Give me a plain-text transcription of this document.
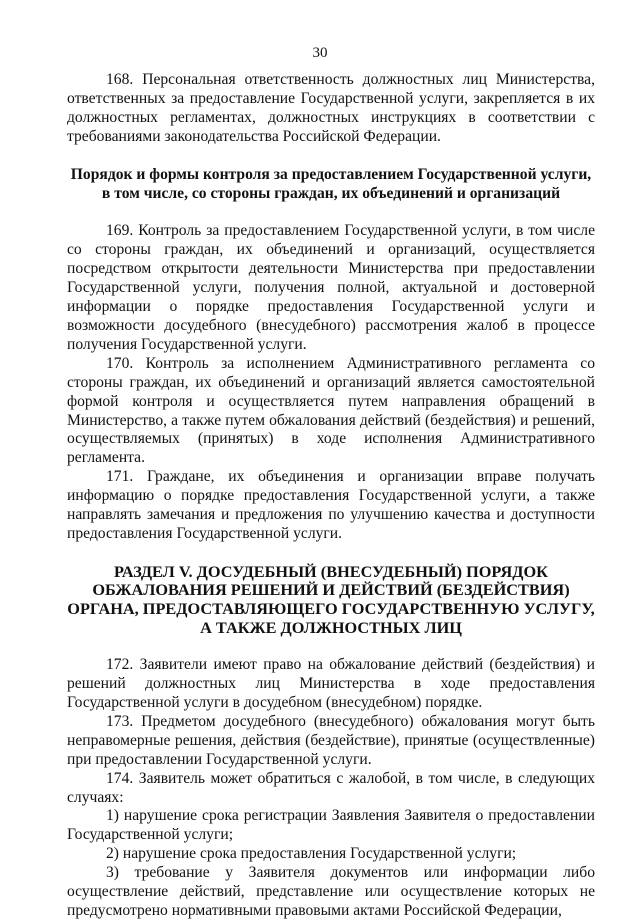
30

168. Персональная ответственность должностных лиц Министерства, ответственных за предоставление Государственной услуги, закрепляется в их должностных регламентах, должностных инструкциях в соответствии с требованиями законодательства Российской Федерации.

Порядок и формы контроля за предоставлением Государственной услуги, в том числе, со стороны граждан, их объединений и организаций

169. Контроль за предоставлением Государственной услуги, в том числе со стороны граждан, их объединений и организаций, осуществляется посредством открытости деятельности Министерства при предоставлении Государственной услуги, получения полной, актуальной и достоверной информации о порядке предоставления Государственной услуги и возможности досудебного (внесудебного) рассмотрения жалоб в процессе получения Государственной услуги.

170. Контроль за исполнением Административного регламента со стороны граждан, их объединений и организаций является самостоятельной формой контроля и осуществляется путем направления обращений в Министерство, а также путем обжалования действий (бездействия) и решений, осуществляемых (принятых) в ходе исполнения Административного регламента.

171. Граждане, их объединения и организации вправе получать информацию о порядке предоставления Государственной услуги, а также направлять замечания и предложения по улучшению качества и доступности предоставления Государственной услуги.

РАЗДЕЛ V. ДОСУДЕБНЫЙ (ВНЕСУДЕБНЫЙ) ПОРЯДОК ОБЖАЛОВАНИЯ РЕШЕНИЙ И ДЕЙСТВИЙ (БЕЗДЕЙСТВИЯ) ОРГАНА, ПРЕДОСТАВЛЯЮЩЕГО ГОСУДАРСТВЕННУЮ УСЛУГУ, А ТАКЖЕ ДОЛЖНОСТНЫХ ЛИЦ

172. Заявители имеют право на обжалование действий (бездействия) и решений должностных лиц Министерства в ходе предоставления Государственной услуги в досудебном (внесудебном) порядке.

173. Предметом досудебного (внесудебного) обжалования могут быть неправомерные решения, действия (бездействие), принятые (осуществленные) при предоставлении Государственной услуги.

174. Заявитель может обратиться с жалобой, в том числе, в следующих случаях:

1) нарушение срока регистрации Заявления Заявителя о предоставлении Государственной услуги;

2) нарушение срока предоставления Государственной услуги;

3) требование у Заявителя документов или информации либо осуществление действий, представление или осуществление которых не предусмотрено нормативными правовыми актами Российской Федерации,
